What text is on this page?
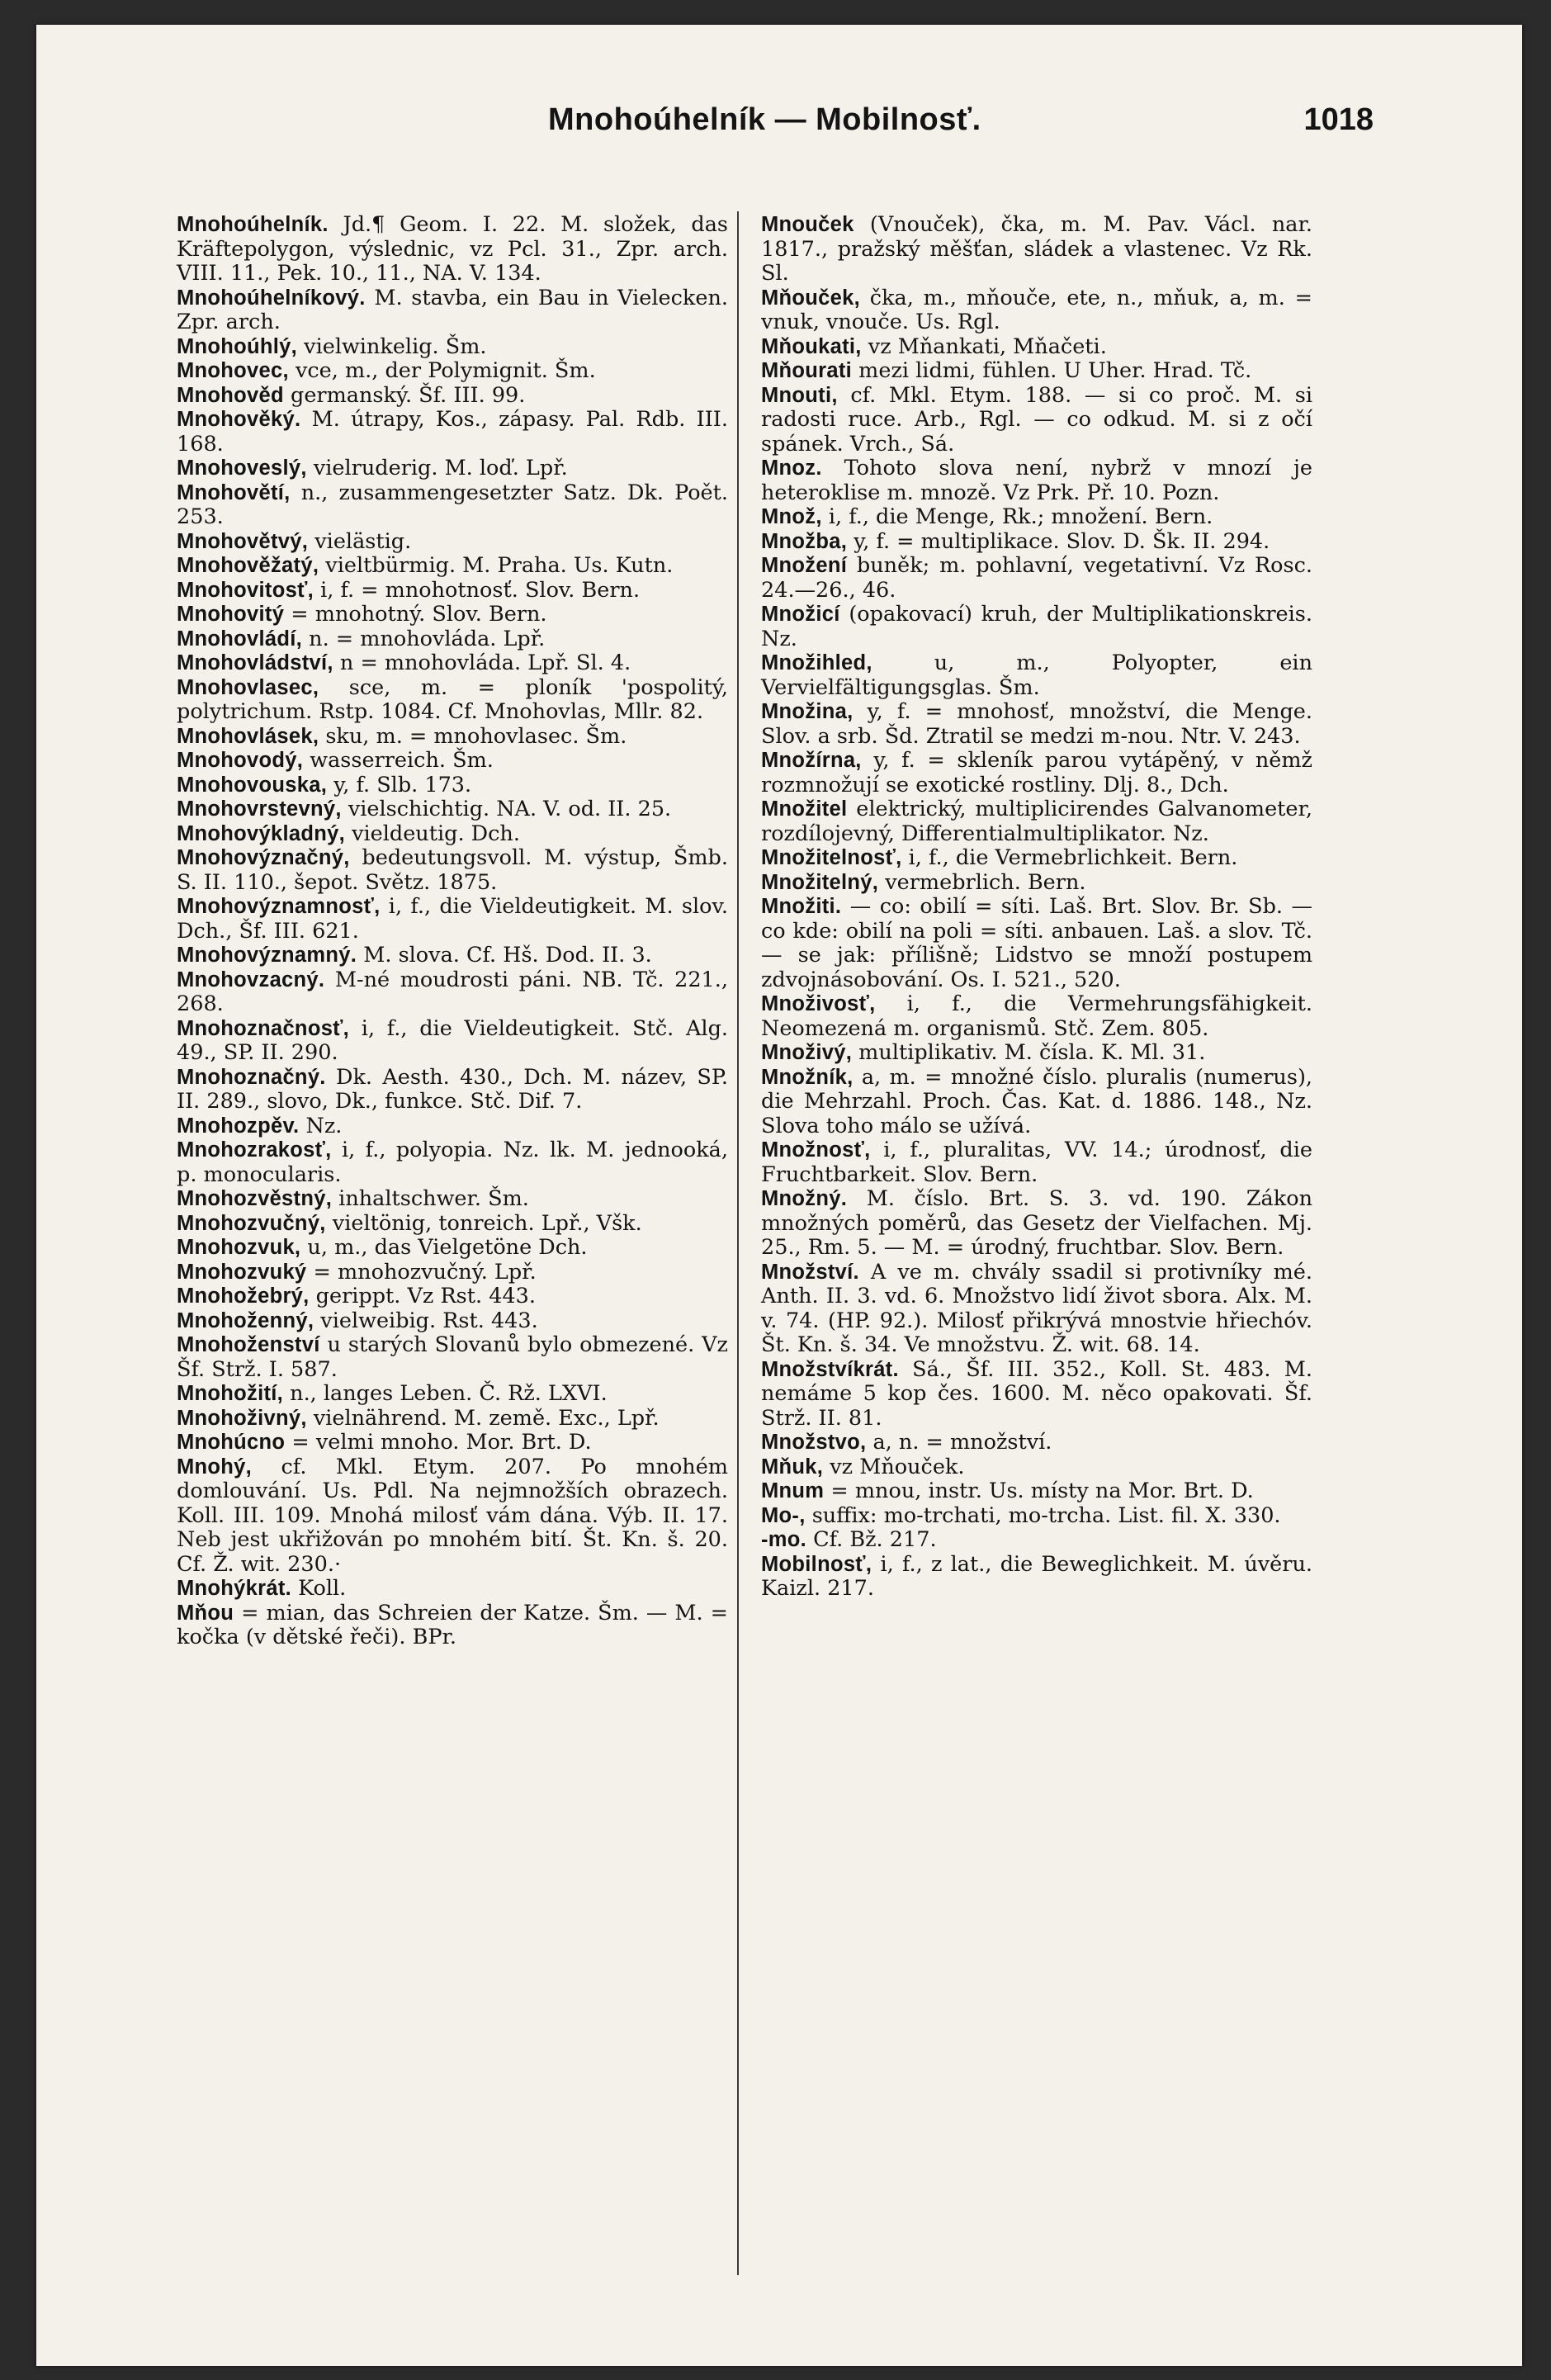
Mnohoúhelník — Mobilnosť.	1018

Mnohoúhelník. Jd.¶ Geom. I. 22. M. složek, das Kräftepolygon, výslednic, vz Pcl. 31., Zpr. arch. VIII. 11., Pek. 10., 11., NA. V. 134.

Mnohoúhelníkový. M. stavba, ein Bau in Vielecken. Zpr. arch.

Mnohoúhlý, vielwinkelig. Šm.

Mnohovec, vce, m., der Polymignit. Šm.

Mnohověd germanský. Šf. III. 99.

Mnohověký. M. útrapy, Kos., zápasy. Pal. Rdb. III. 168.

Mnohoveslý, vielruderig. M. loď. Lpř.

Mnohovětí, n., zusammengesetzter Satz. Dk. Poět. 253.

Mnohovětvý, vielästig.

Mnohověžatý, vieltbürmig. M. Praha. Us. Kutn.

Mnohovitosť, i, f. = mnohotnosť. Slov. Bern.

Mnohovitý = mnohotný. Slov. Bern.

Mnohovládí, n. = mnohovláda. Lpř.

Mnohovládství, n = mnohovláda. Lpř. Sl. 4.

Mnohovlasec, sce, m. = ploník 'pospolitý, polytrichum. Rstp. 1084. Cf. Mnohovlas, Mllr. 82.

Mnohovlásek, sku, m. = mnohovlasec. Šm.

Mnohovodý, wasserreich. Šm.

Mnohovouska, y, f. Slb. 173.

Mnohovrstevný, vielschichtig. NA. V. od. II. 25.

Mnohovýkladný, vieldeutig. Dch.

Mnohovýznačný, bedeutungsvoll. M. výstup, Šmb. S. II. 110., šepot. Světz. 1875.

Mnohovýznamnosť, i, f., die Vieldeutigkeit. M. slov. Dch., Šf. III. 621.

Mnohovýznamný. M. slova. Cf. Hš. Dod. II. 3.

Mnohovzacný. M-né moudrosti páni. NB. Tč. 221., 268.

Mnohoznačnosť, i, f., die Vieldeutigkeit. Stč. Alg. 49., SP. II. 290.

Mnohoznačný. Dk. Aesth. 430., Dch. M. název, SP. II. 289., slovo, Dk., funkce. Stč. Dif. 7.

Mnohozpěv. Nz.

Mnohozrakosť, i, f., polyopia. Nz. lk. M. jednooká, p. monocularis.

Mnohozvěstný, inhaltschwer. Šm.

Mnohozvučný, vieltönig, tonreich. Lpř., Všk.

Mnohozvuk, u, m., das Vielgetöne Dch.

Mnohozvuký = mnohozvučný. Lpř.

Mnohožebrý, gerippt. Vz Rst. 443.

Mnohoženný, vielweibig. Rst. 443.

Mnohoženství u starých Slovanů bylo obmezené. Vz Šf. Strž. I. 587.

Mnohožití, n., langes Leben. Č. Rž. LXVI.

Mnohoživný, vielnährend. M. země. Exc., Lpř.

Mnohúcno = velmi mnoho. Mor. Brt. D.

Mnohý, cf. Mkl. Etym. 207. Po mnohém domlouvání. Us. Pdl. Na nejmnožších obrazech. Koll. III. 109. Mnohá milosť vám dána. Výb. II. 17. Neb jest ukřižován po mnohém bití. Št. Kn. š. 20. Cf. Ž. wit. 230.·

Mnohýkrát. Koll.

Mňou = mian, das Schreien der Katze. Šm. — M. = kočka (v dětské řeči). BPr.

Mnouček (Vnouček), čka, m. M. Pav. Václ. nar. 1817., pražský měšťan, sládek a vlastenec. Vz Rk. Sl.

Mňouček, čka, m., mňouče, ete, n., mňuk, a, m. = vnuk, vnouče. Us. Rgl.

Mňoukati, vz Mňankati, Mňačeti.

Mňourati mezi lidmi, fühlen. U Uher. Hrad. Tč.

Mnouti, cf. Mkl. Etym. 188. — si co proč. M. si radosti ruce. Arb., Rgl. — co odkud. M. si z očí spánek. Vrch., Sá.

Mnoz. Tohoto slova není, nybrž v mnozí je heteroklise m. mnozě. Vz Prk. Př. 10. Pozn.

Množ, i, f., die Menge, Rk.; množení. Bern.

Množba, y, f. = multiplikace. Slov. D. Šk. II. 294.

Množení buněk; m. pohlavní, vegetativní. Vz Rosc. 24.—26., 46.

Množicí (opakovací) kruh, der Multiplikationskreis. Nz.

Množihled, u, m., Polyopter, ein Vervielfältigungsglas. Šm.

Množina, y, f. = mnohosť, množství, die Menge. Slov. a srb. Šd. Ztratil se medzi m-nou. Ntr. V. 243.

Množírna, y, f. = skleník parou vytápěný, v němž rozmnožují se exotické rostliny. Dlj. 8., Dch.

Množitel elektrický, multiplicirendes Galvanometer, rozdílojevný, Differentialmultiplikator. Nz.

Množitelnosť, i, f., die Vermebrlichkeit. Bern.

Množitelný, vermebrlich. Bern.

Množiti. — co: obilí = síti. Laš. Brt. Slov. Br. Sb. — co kde: obilí na poli = síti. anbauen. Laš. a slov. Tč. — se jak: přílišně; Lidstvo se množí postupem zdvojnásobování. Os. I. 521., 520.

Množivosť, i, f., die Vermehrungsfähigkeit. Neomezená m. organismů. Stč. Zem. 805.

Množivý, multiplikativ. M. čísla. K. Ml. 31.

Množník, a, m. = množné číslo. pluralis (numerus), die Mehrzahl. Proch. Čas. Kat. d. 1886. 148., Nz. Slova toho málo se užívá.

Množnosť, i, f., pluralitas, VV. 14.; úrodnosť, die Fruchtbarkeit. Slov. Bern.

Množný. M. číslo. Brt. S. 3. vd. 190. Zákon množných poměrů, das Gesetz der Vielfachen. Mj. 25., Rm. 5. — M. = úrodný, fruchtbar. Slov. Bern.

Množství. A ve m. chvály ssadil si protivníky mé. Anth. II. 3. vd. 6. Množstvo lidí život sbora. Alx. M. v. 74. (HP. 92.). Milosť přikrývá mnostvie hřiechóv. Št. Kn. š. 34. Ve množstvu. Ž. wit. 68. 14.

Množstvíkrát. Sá., Šf. III. 352., Koll. St. 483. M. nemáme 5 kop čes. 1600. M. něco opakovati. Šf. Strž. II. 81.

Množstvo, a, n. = množství.

Mňuk, vz Mňouček.

Mnum = mnou, instr. Us. místy na Mor. Brt. D.

Mo-, suffix: mo-trchati, mo-trcha. List. fil. X. 330.

-mo. Cf. Bž. 217.

Mobilnosť, i, f., z lat., die Beweglichkeit. M. úvěru. Kaizl. 217.
